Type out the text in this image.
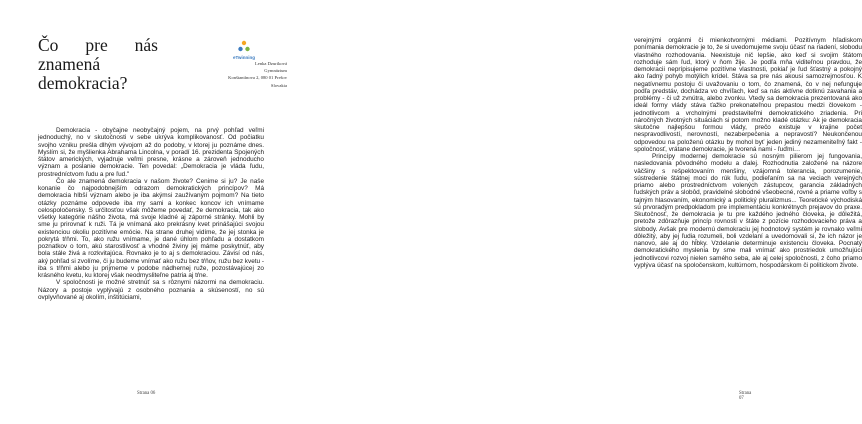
Čo pre nás
znamená
demokracia?
eTwinning
Lenka Dzuriková
Gymnázium
Konštantínova 2, 080 01 Prešov
Slovakia

Demokracia - obyčajne neobyčajný pojem, na prvý pohľad veľmi jednoduchý, no v skutočnosti v sebe ukrýva komplikovanosť. Od počiatku svojho vzniku prešla dlhým vývojom až do podoby, v ktorej ju poznáme dnes. Myslím si, že myšlienka Abrahama Lincolna, v poradí 16. prezidenta Spojených štátov amerických, vyjadruje veľmi presne, krásne a zároveň jednoducho význam a poslanie demokracie. Ten povedal: „Demokracia je vláda ľudu, prostredníctvom ľudu a pre ľud."

Čo ale znamená demokracia v našom živote? Cenime si ju? Je naše konanie čo najpodobnejším odrazom demokratických princípov? Má demokracia hlbší význam alebo je iba akýmsi zaužívaným pojmom? Na tieto otázky poznáme odpovede iba my sami a konkec koncov ich vnímame celospoločensky. S určitosťou však môžeme povedať, že demokracia, tak ako všetky kategórie nášho života, má svoje kladné aj záporné stránky. Mohli by sme ju prirovnať k ruži. Tá je vnímaná ako prekrásny kvet prinášajúci svojou existenciou okoliu pozitívne emócie. Na strane druhej vidíme, že jej stonka je pokrytá tŕňmi. To, ako ružu vnímame, je dané úhlom pohľadu a dostatkom poznatkov o tom, akú starostlivosť a vhodné živiny jej máme poskytnúť, aby bola stále živá a rozkvitajúca. Rovnako je to aj s demokraciou. Závisí od nás, aký pohľad si zvolíme, či ju budeme vnímať ako ružu bez tŕňov, ružu bez kvetu - iba s tŕňmi alebo ju prijmeme v podobe nádhernej ruže, pozostávajúcej zo krásného kvetu, ku ktorej však neodmysliteľne patria aj tŕne.

V spoločnosti je možné stretnúť sa s rôznymi názormi na demokraciu. Názory a postoje vyplývajú z osobného poznania a skúseností, no sú ovplyvňované aj okolím, inštitúciami,

Strana 06

verejnými orgánmi či mienkotvornými médiami. Pozitívnym hľadiskom ponímania demokracie je to, že si uvedomujeme svoju účasť na riadení, slobodu vlastného rozhodovania. Neexistuje nič lepšie, ako keď si svojim štátom rozhoduje sám ľud, ktorý v ňom žije. Je podľa mňa viditeľnou pravdou, že demokracii neprípisujeme pozitívne vlastnosti, pokiaľ je ľud šťastný a pokojný ako ľadný pohyb motýlich krídel. Stáva sa pre nás akousi samozrejmosťou. K negatívnemu postoju či uvažovaniu o tom, čo znamená, čo v nej nefunguje podľa predstáv, dochádza vo chvíľach, keď sa nás aktívne dotknú zavahania a problémy - či už zvnútra, alebo zvonku. Vtedy sa demokracia prezentovaná ako ideál formy vlády stáva ťažko prekonateľnou prepastou medzi človekom - jednotlivcom a vrcholnými predstaviteľmi demokratického zriadenia. Pri náročných životných situáciách si potom možno kladé otázku: Ak je demokracia skutočne najlepšou formou vlády, prečo existuje v krajine počet nespravodlivostí, nerovností, nezaberpečenia a nepravostí? Neukončenou odpovedou na položenú otázku by mohol byť jeden jediný nezameniteľný fakt - spoločnosť, vrátane demokracie, je tvorená nami - ľuďmi…

Princípy modernej demokracie sú nosným pilierom jej fungovania, nasledovania pôvodného modelu a ďalej. Rozhodnutia založené na názore väčšiny s rešpektovaním menšiny, vzájomná tolerancia, porozumenie, sústredenie štátnej moci do rúk ľudu, podieľaním sa na veciach verejných priamo alebo prostredníctvom volených zástupcov, garancia základných ľudských práv a slobôd, pravidelné slobodné všeobecné, rovné a priame voľby s tajným hlasovaním, ekonomický a politický pluralizmus... Teoretické východiská sú prvoradým predpokladom pre implementáciu konkrétnych prejavov do praxe. Skutočnosť, že demokracia je tu pre každého jedného človeka, je dôležitá, pretože zdôrazňuje princíp rovnosti v štáte z pozície rozhodovacieho práva a slobody. Avšak pre modernú demokraciu jej hodnotový systém je rovnako veľmi dôležitý, aby jej ľudia rozumeli, boli vzdelaní a uvedomovali si, že ich názor je nanovo, ale aj do hĺbky. Vzdelanie determinuje existenciu človeka. Pocnatý demokratického myslenia by sme mali vnímať ako prostriedok umožňujúci jednotlivcovi rozvoj nielen samého seba, ale aj celej spoločnosti, z čoho priamo vyplýva účasť na spoločenskom, kultúrnom, hospodárskom či politickom živote.

Strana 07
